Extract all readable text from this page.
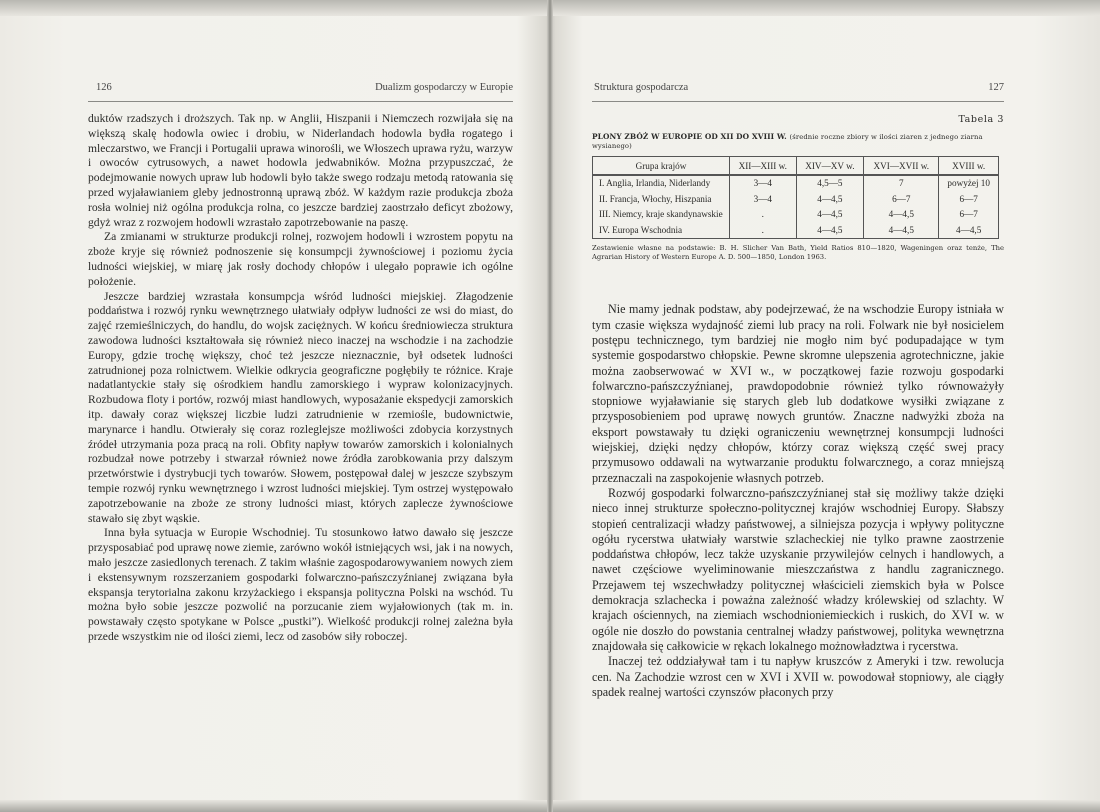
126	Dualizm gospodarczy w Europie

duktów rzadszych i droższych. Tak np. w Anglii, Hiszpanii i Niemczech rozwijała się na większą skalę hodowla owiec i drobiu, w Niderlandach hodowla bydła rogatego i mleczarstwo, we Francji i Portugalii uprawa winorośli, we Włoszech uprawa ryżu, warzyw i owoców cytrusowych, a nawet hodowla jedwabników. Można przypuszczać, że podejmowanie nowych upraw lub hodowli było także swego rodzaju metodą ratowania się przed wyjaławianiem gleby jednostronną uprawą zbóż. W każdym razie produkcja zboża rosła wolniej niż ogólna produkcja rolna, co jeszcze bardziej zaostrzało deficyt zbożowy, gdyż wraz z rozwojem hodowli wzrastało zapotrzebowanie na paszę.

Za zmianami w strukturze produkcji rolnej, rozwojem hodowli i wzrostem popytu na zboże kryje się również podnoszenie się konsumpcji żywnościowej i poziomu życia ludności wiejskiej, w miarę jak rosły dochody chłopów i ulegało poprawie ich ogólne położenie.

Jeszcze bardziej wzrastała konsumpcja wśród ludności miejskiej. Złagodzenie poddaństwa i rozwój rynku wewnętrznego ułatwiały odpływ ludności ze wsi do miast, do zajęć rzemieślniczych, do handlu, do wojsk zaciężnych. W końcu średniowiecza struktura zawodowa ludności kształtowała się również nieco inaczej na wschodzie i na zachodzie Europy, gdzie trochę większy, choć też jeszcze nieznacznie, był odsetek ludności zatrudnionej poza rolnictwem. Wielkie odkrycia geograficzne pogłębiły te różnice. Kraje nadatlantyckie stały się ośrodkiem handlu zamorskiego i wypraw kolonizacyjnych. Rozbudowa floty i portów, rozwój miast handlowych, wyposażanie ekspedycji zamorskich itp. dawały coraz większej liczbie ludzi zatrudnienie w rzemiośle, budownictwie, marynarce i handlu. Otwierały się coraz rozleglejsze możliwości zdobycia korzystnych źródeł utrzymania poza pracą na roli. Obfity napływ towarów zamorskich i kolonialnych rozbudzał nowe potrzeby i stwarzał również nowe źródła zarobkowania przy dalszym przetwórstwie i dystrybucji tych towarów. Słowem, postępował dalej w jeszcze szybszym tempie rozwój rynku wewnętrznego i wzrost ludności miejskiej. Tym ostrzej występowało zapotrzebowanie na zboże ze strony ludności miast, których zaplecze żywnościowe stawało się zbyt wąskie.

Inna była sytuacja w Europie Wschodniej. Tu stosunkowo łatwo dawało się jeszcze przysposabiać pod uprawę nowe ziemie, zarówno wokół istniejących wsi, jak i na nowych, mało jeszcze zasiedlonych terenach. Z takim właśnie zagospodarowywaniem nowych ziem i ekstensywnym rozszerzaniem gospodarki folwarczno-pańszczyźnianej związana była ekspansja terytorialna zakonu krzyżackiego i ekspansja polityczna Polski na wschód. Tu można było sobie jeszcze pozwolić na porzucanie ziem wyjałowionych (tak m. in. powstawały często spotykane w Polsce „pustki”). Wielkość produkcji rolnej zależna była przede wszystkim nie od ilości ziemi, lecz od zasobów siły roboczej.

Struktura gospodarcza	127
Tabela 3
PLONY ZBÓŻ W EUROPIE OD XII DO XVIII W. (średnie roczne zbiory w ilości ziaren z jednego ziarna wysianego)
Grupa krajów	XII—XIII w.	XIV—XV w.	XVI—XVII w.	XVIII w.
I. Anglia, Irlandia, Niderlandy	3—4	4,5—5	7	powyżej 10
II. Francja, Włochy, Hiszpania	3—4	4—4,5	6—7	6—7
III. Niemcy, kraje skandynawskie	.	4—4,5	4—4,5	6—7
IV. Europa Wschodnia	.	4—4,5	4—4,5	4—4,5
Zestawienie własne na podstawie: B. H. Slicher Van Bath, Yield Ratios 810—1820, Wageningen oraz tenże, The Agrarian History of Western Europe A. D. 500—1850, London 1963.

Nie mamy jednak podstaw, aby podejrzewać, że na wschodzie Europy istniała w tym czasie większa wydajność ziemi lub pracy na roli. Folwark nie był nosicielem postępu technicznego, tym bardziej nie mogło nim być podupadające w tym systemie gospodarstwo chłopskie. Pewne skromne ulepszenia agrotechniczne, jakie można zaobserwować w XVI w., w początkowej fazie rozwoju gospodarki folwarczno-pańszczyźnianej, prawdopodobnie również tylko równoważyły stopniowe wyjaławianie się starych gleb lub dodatkowe wysiłki związane z przysposobieniem pod uprawę nowych gruntów. Znaczne nadwyżki zboża na eksport powstawały tu dzięki ograniczeniu wewnętrznej konsumpcji ludności wiejskiej, dzięki nędzy chłopów, którzy coraz większą część swej pracy przymusowo oddawali na wytwarzanie produktu folwarcznego, a coraz mniejszą przeznaczali na zaspokojenie własnych potrzeb.

Rozwój gospodarki folwarczno-pańszczyźnianej stał się możliwy także dzięki nieco innej strukturze społeczno-politycznej krajów wschodniej Europy. Słabszy stopień centralizacji władzy państwowej, a silniejsza pozycja i wpływy polityczne ogółu rycerstwa ułatwiały warstwie szlacheckiej nie tylko prawne zaostrzenie poddaństwa chłopów, lecz także uzyskanie przywilejów celnych i handlowych, a nawet częściowe wyeliminowanie mieszczaństwa z handlu zagranicznego. Przejawem tej wszechwładzy politycznej właścicieli ziemskich była w Polsce demokracja szlachecka i poważna zależność władzy królewskiej od szlachty. W krajach ościennych, na ziemiach wschodnioniemieckich i ruskich, do XVI w. w ogóle nie doszło do powstania centralnej władzy państwowej, polityka wewnętrzna znajdowała się całkowicie w rękach lokalnego możnowładztwa i rycerstwa.

Inaczej też oddziaływał tam i tu napływ kruszców z Ameryki i tzw. rewolucja cen. Na Zachodzie wzrost cen w XVI i XVII w. powodował stopniowy, ale ciągły spadek realnej wartości czynszów płaconych przy
